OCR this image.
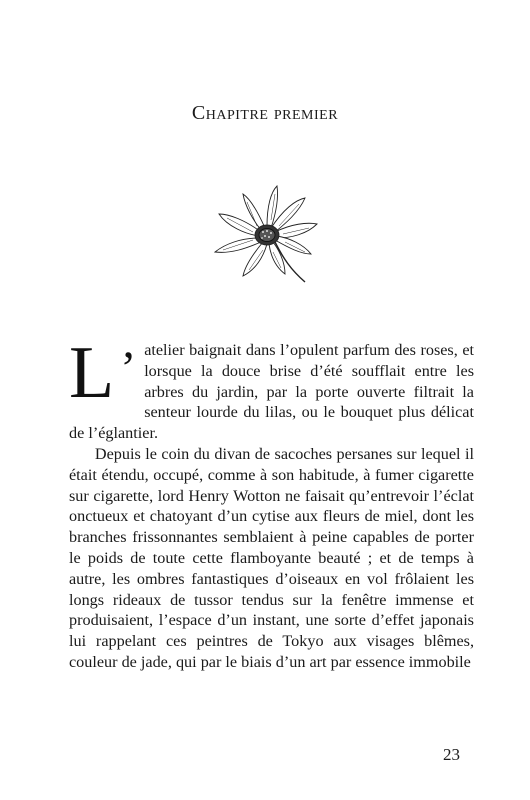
Chapitre premier

L ’ atelier baignait dans l’opulent parfum des roses, et lorsque la douce brise d’été soufflait entre les arbres du jardin, par la porte ouverte filtrait la senteur lourde du lilas, ou le bouquet plus délicat de l’églantier.

Depuis le coin du divan de sacoches persanes sur lequel il était étendu, occupé, comme à son habitude, à fumer cigarette sur cigarette, lord Henry Wotton ne faisait qu’entrevoir l’éclat onctueux et chatoyant d’un cytise aux fleurs de miel, dont les branches frissonnantes semblaient à peine capables de porter le poids de toute cette flamboyante beauté ; et de temps à autre, les ombres fantastiques d’oiseaux en vol frôlaient les longs rideaux de tussor tendus sur la fenêtre immense et produisaient, l’espace d’un instant, une sorte d’effet japonais lui rappelant ces peintres de Tokyo aux visages blêmes, couleur de jade, qui par le biais d’un art par essence immobile

23
